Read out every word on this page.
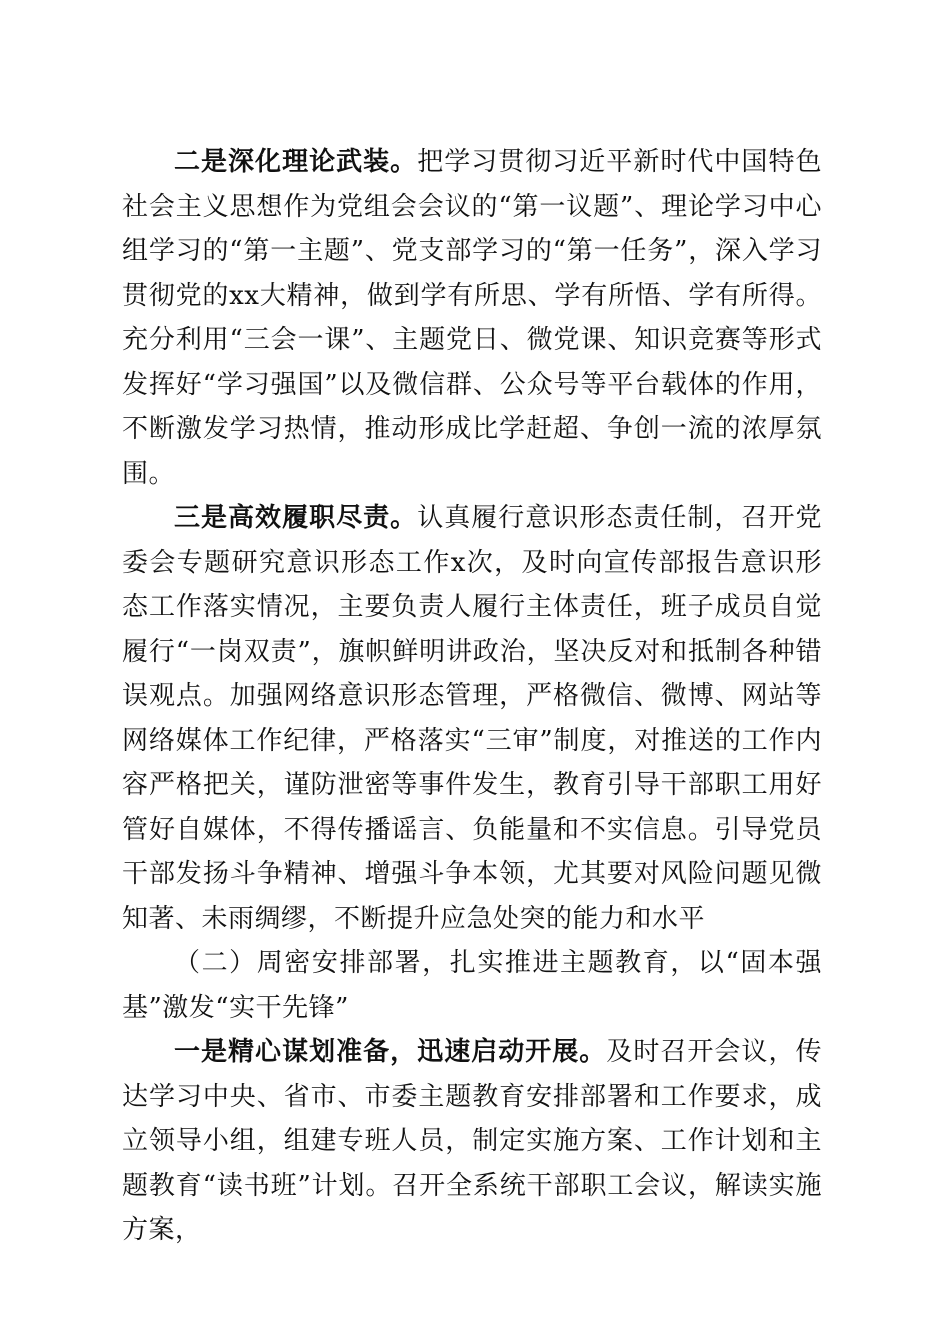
二是深化理论武装。把学习贯彻习近平新时代中国特色社会主义思想作为党组会会议的“第一议题”、理论学习中心组学习的“第一主题”、党支部学习的“第一任务”，深入学习贯彻党的xx大精神，做到学有所思、学有所悟、学有所得。充分利用“三会一课”、主题党日、微党课、知识竞赛等形式发挥好“学习强国”以及微信群、公众号等平台载体的作用，不断激发学习热情，推动形成比学赶超、争创一流的浓厚氛围。

三是高效履职尽责。认真履行意识形态责任制，召开党委会专题研究意识形态工作x次，及时向宣传部报告意识形态工作落实情况，主要负责人履行主体责任，班子成员自觉履行“一岗双责”，旗帜鲜明讲政治，坚决反对和抵制各种错误观点。加强网络意识形态管理，严格微信、微博、网站等网络媒体工作纪律，严格落实“三审”制度，对推送的工作内容严格把关，谨防泄密等事件发生，教育引导干部职工用好管好自媒体，不得传播谣言、负能量和不实信息。引导党员干部发扬斗争精神、增强斗争本领，尤其要对风险问题见微知著、未雨绸缪，不断提升应急处突的能力和水平

（二）周密安排部署，扎实推进主题教育，以“固本强基”激发“实干先锋”

一是精心谋划准备，迅速启动开展。及时召开会议，传达学习中央、省市、市委主题教育安排部署和工作要求，成立领导小组，组建专班人员，制定实施方案、工作计划和主题教育“读书班”计划。召开全系统干部职工会议，解读实施方案，
